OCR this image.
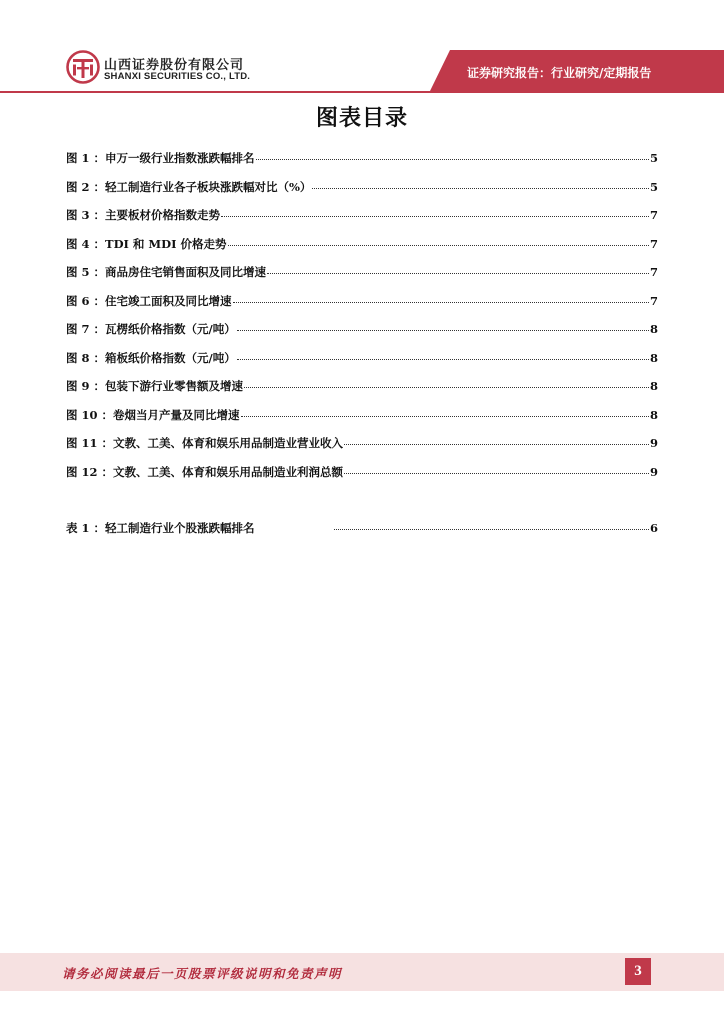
山西证券股份有限公司
SHANXI SECURITIES CO., LTD.	证券研究报告：行业研究/定期报告
图表目录
图 1 ：申万一级行业指数涨跌幅排名	5
图 2 ：轻工制造行业各子板块涨跌幅对比（%）	5
图 3 ：主要板材价格指数走势	7
图 4 ：TDI 和 MDI 价格走势	7
图 5 ：商品房住宅销售面积及同比增速	7
图 6 ：住宅竣工面积及同比增速	7
图 7 ：瓦楞纸价格指数（元/吨）	8
图 8 ：箱板纸价格指数（元/吨）	8
图 9 ：包装下游行业零售额及增速	8
图 10 ：卷烟当月产量及同比增速	8
图 11 ：文教、工美、体育和娱乐用品制造业营业收入	9
图 12 ：文教、工美、体育和娱乐用品制造业利润总额	9
表 1 ：轻工制造行业个股涨跌幅排名	6
请务必阅读最后一页股票评级说明和免责声明	3
